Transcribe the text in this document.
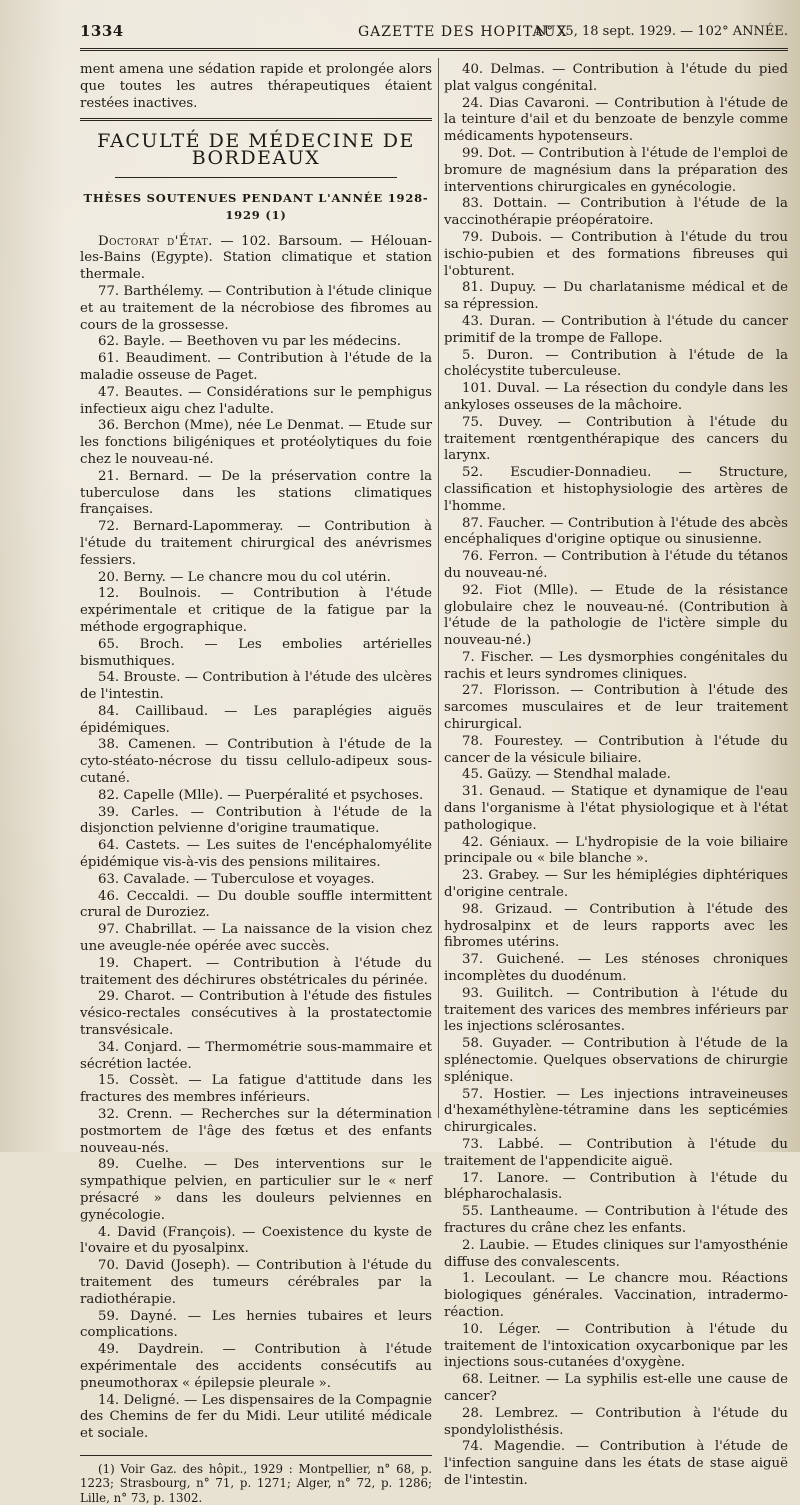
1334	GAZETTE DES HOPITAUX
N° 75, 18 sept. 1929. — 102° ANNÉE.

ment amena une sédation rapide et prolongée alors que toutes les autres thérapeutiques étaient restées inactives.

FACULTÉ DE MÉDECINE DE BORDEAUX
THÈSES SOUTENUES PENDANT L'ANNÉE 1928-1929 (1)

Doctorat d'État. — 102. Barsoum. — Hélouan-les-Bains (Egypte). Station climatique et station thermale.

77. Barthélemy. — Contribution à l'étude clinique et au traitement de la nécrobiose des fibromes au cours de la grossesse.

62. Bayle. — Beethoven vu par les médecins.

61. Beaudiment. — Contribution à l'étude de la maladie osseuse de Paget.

47. Beautes. — Considérations sur le pemphigus infectieux aigu chez l'adulte.

36. Berchon (Mme), née Le Denmat. — Etude sur les fonctions biligéniques et protéolytiques du foie chez le nouveau-né.

21. Bernard. — De la préservation contre la tuberculose dans les stations climatiques françaises.

72. Bernard-Lapommeray. — Contribution à l'étude du traitement chirurgical des anévrismes fessiers.

20. Berny. — Le chancre mou du col utérin.

12. Boulnois. — Contribution à l'étude expérimentale et critique de la fatigue par la méthode ergographique.

65. Broch. — Les embolies artérielles bismuthiques.

54. Brouste. — Contribution à l'étude des ulcères de l'intestin.

84. Caillibaud. — Les paraplégies aiguës épidémiques.

38. Camenen. — Contribution à l'étude de la cyto-stéato-nécrose du tissu cellulo-adipeux sous-cutané.

82. Capelle (Mlle). — Puerpéralité et psychoses.

39. Carles. — Contribution à l'étude de la disjonction pelvienne d'origine traumatique.

64. Castets. — Les suites de l'encéphalomyélite épidémique vis-à-vis des pensions militaires.

63. Cavalade. — Tuberculose et voyages.

46. Ceccaldi. — Du double souffle intermittent crural de Duroziez.

97. Chabrillat. — La naissance de la vision chez une aveugle-née opérée avec succès.

19. Chapert. — Contribution à l'étude du traitement des déchirures obstétricales du périnée.

29. Charot. — Contribution à l'étude des fistules vésico-rectales consécutives à la prostatectomie transvésicale.

34. Conjard. — Thermométrie sous-mammaire et sécrétion lactée.

15. Cossèt. — La fatigue d'attitude dans les fractures des membres inférieurs.

32. Crenn. — Recherches sur la détermination postmortem de l'âge des fœtus et des enfants nouveau-nés.

89. Cuelhe. — Des interventions sur le sympathique pelvien, en particulier sur le « nerf présacré » dans les douleurs pelviennes en gynécologie.

4. David (François). — Coexistence du kyste de l'ovaire et du pyosalpinx.

70. David (Joseph). — Contribution à l'étude du traitement des tumeurs cérébrales par la radiothérapie.

59. Dayné. — Les hernies tubaires et leurs complications.

49. Daydrein. — Contribution à l'étude expérimentale des accidents consécutifs au pneumothorax « épilepsie pleurale ».

14. Deligné. — Les dispensaires de la Compagnie des Chemins de fer du Midi. Leur utilité médicale et sociale.

(1) Voir Gaz. des hôpit., 1929 : Montpellier, n° 68, p. 1223; Strasbourg, n° 71, p. 1271; Alger, n° 72, p. 1286; Lille, n° 73, p. 1302.

40. Delmas. — Contribution à l'étude du pied plat valgus congénital.

24. Dias Cavaroni. — Contribution à l'étude de la teinture d'ail et du benzoate de benzyle comme médicaments hypotenseurs.

99. Dot. — Contribution à l'étude de l'emploi de bromure de magnésium dans la préparation des interventions chirurgicales en gynécologie.

83. Dottain. — Contribution à l'étude de la vaccinothérapie préopératoire.

79. Dubois. — Contribution à l'étude du trou ischio-pubien et des formations fibreuses qui l'obturent.

81. Dupuy. — Du charlatanisme médical et de sa répression.

43. Duran. — Contribution à l'étude du cancer primitif de la trompe de Fallope.

5. Duron. — Contribution à l'étude de la cholécystite tuberculeuse.

101. Duval. — La résection du condyle dans les ankyloses osseuses de la mâchoire.

75. Duvey. — Contribution à l'étude du traitement rœntgenthérapique des cancers du larynx.

52. Escudier-Donnadieu. — Structure, classification et histophysiologie des artères de l'homme.

87. Faucher. — Contribution à l'étude des abcès encéphaliques d'origine optique ou sinusienne.

76. Ferron. — Contribution à l'étude du tétanos du nouveau-né.

92. Fiot (Mlle). — Etude de la résistance globulaire chez le nouveau-né. (Contribution à l'étude de la pathologie de l'ictère simple du nouveau-né.)

7. Fischer. — Les dysmorphies congénitales du rachis et leurs syndromes cliniques.

27. Florisson. — Contribution à l'étude des sarcomes musculaires et de leur traitement chirurgical.

78. Fourestey. — Contribution à l'étude du cancer de la vésicule biliaire.

45. Gaüzy. — Stendhal malade.

31. Genaud. — Statique et dynamique de l'eau dans l'organisme à l'état physiologique et à l'état pathologique.

42. Géniaux. — L'hydropisie de la voie biliaire principale ou « bile blanche ».

23. Grabey. — Sur les hémiplégies diphtériques d'origine centrale.

98. Grizaud. — Contribution à l'étude des hydrosalpinx et de leurs rapports avec les fibromes utérins.

37. Guichené. — Les sténoses chroniques incomplètes du duodénum.

93. Guilitch. — Contribution à l'étude du traitement des varices des membres inférieurs par les injections sclérosantes.

58. Guyader. — Contribution à l'étude de la splénectomie. Quelques observations de chirurgie splénique.

57. Hostier. — Les injections intraveineuses d'hexaméthylène-tétramine dans les septicémies chirurgicales.

73. Labbé. — Contribution à l'étude du traitement de l'appendicite aiguë.

17. Lanore. — Contribution à l'étude du blépharochalasis.

55. Lantheaume. — Contribution à l'étude des fractures du crâne chez les enfants.

2. Laubie. — Etudes cliniques sur l'amyosthénie diffuse des convalescents.

1. Lecoulant. — Le chancre mou. Réactions biologiques générales. Vaccination, intradermo-réaction.

10. Léger. — Contribution à l'étude du traitement de l'intoxication oxycarbonique par les injections sous-cutanées d'oxygène.

68. Leitner. — La syphilis est-elle une cause de cancer?

28. Lembrez. — Contribution à l'étude du spondylolisthésis.

74. Magendie. — Contribution à l'étude de l'infection sanguine dans les états de stase aiguë de l'intestin.
